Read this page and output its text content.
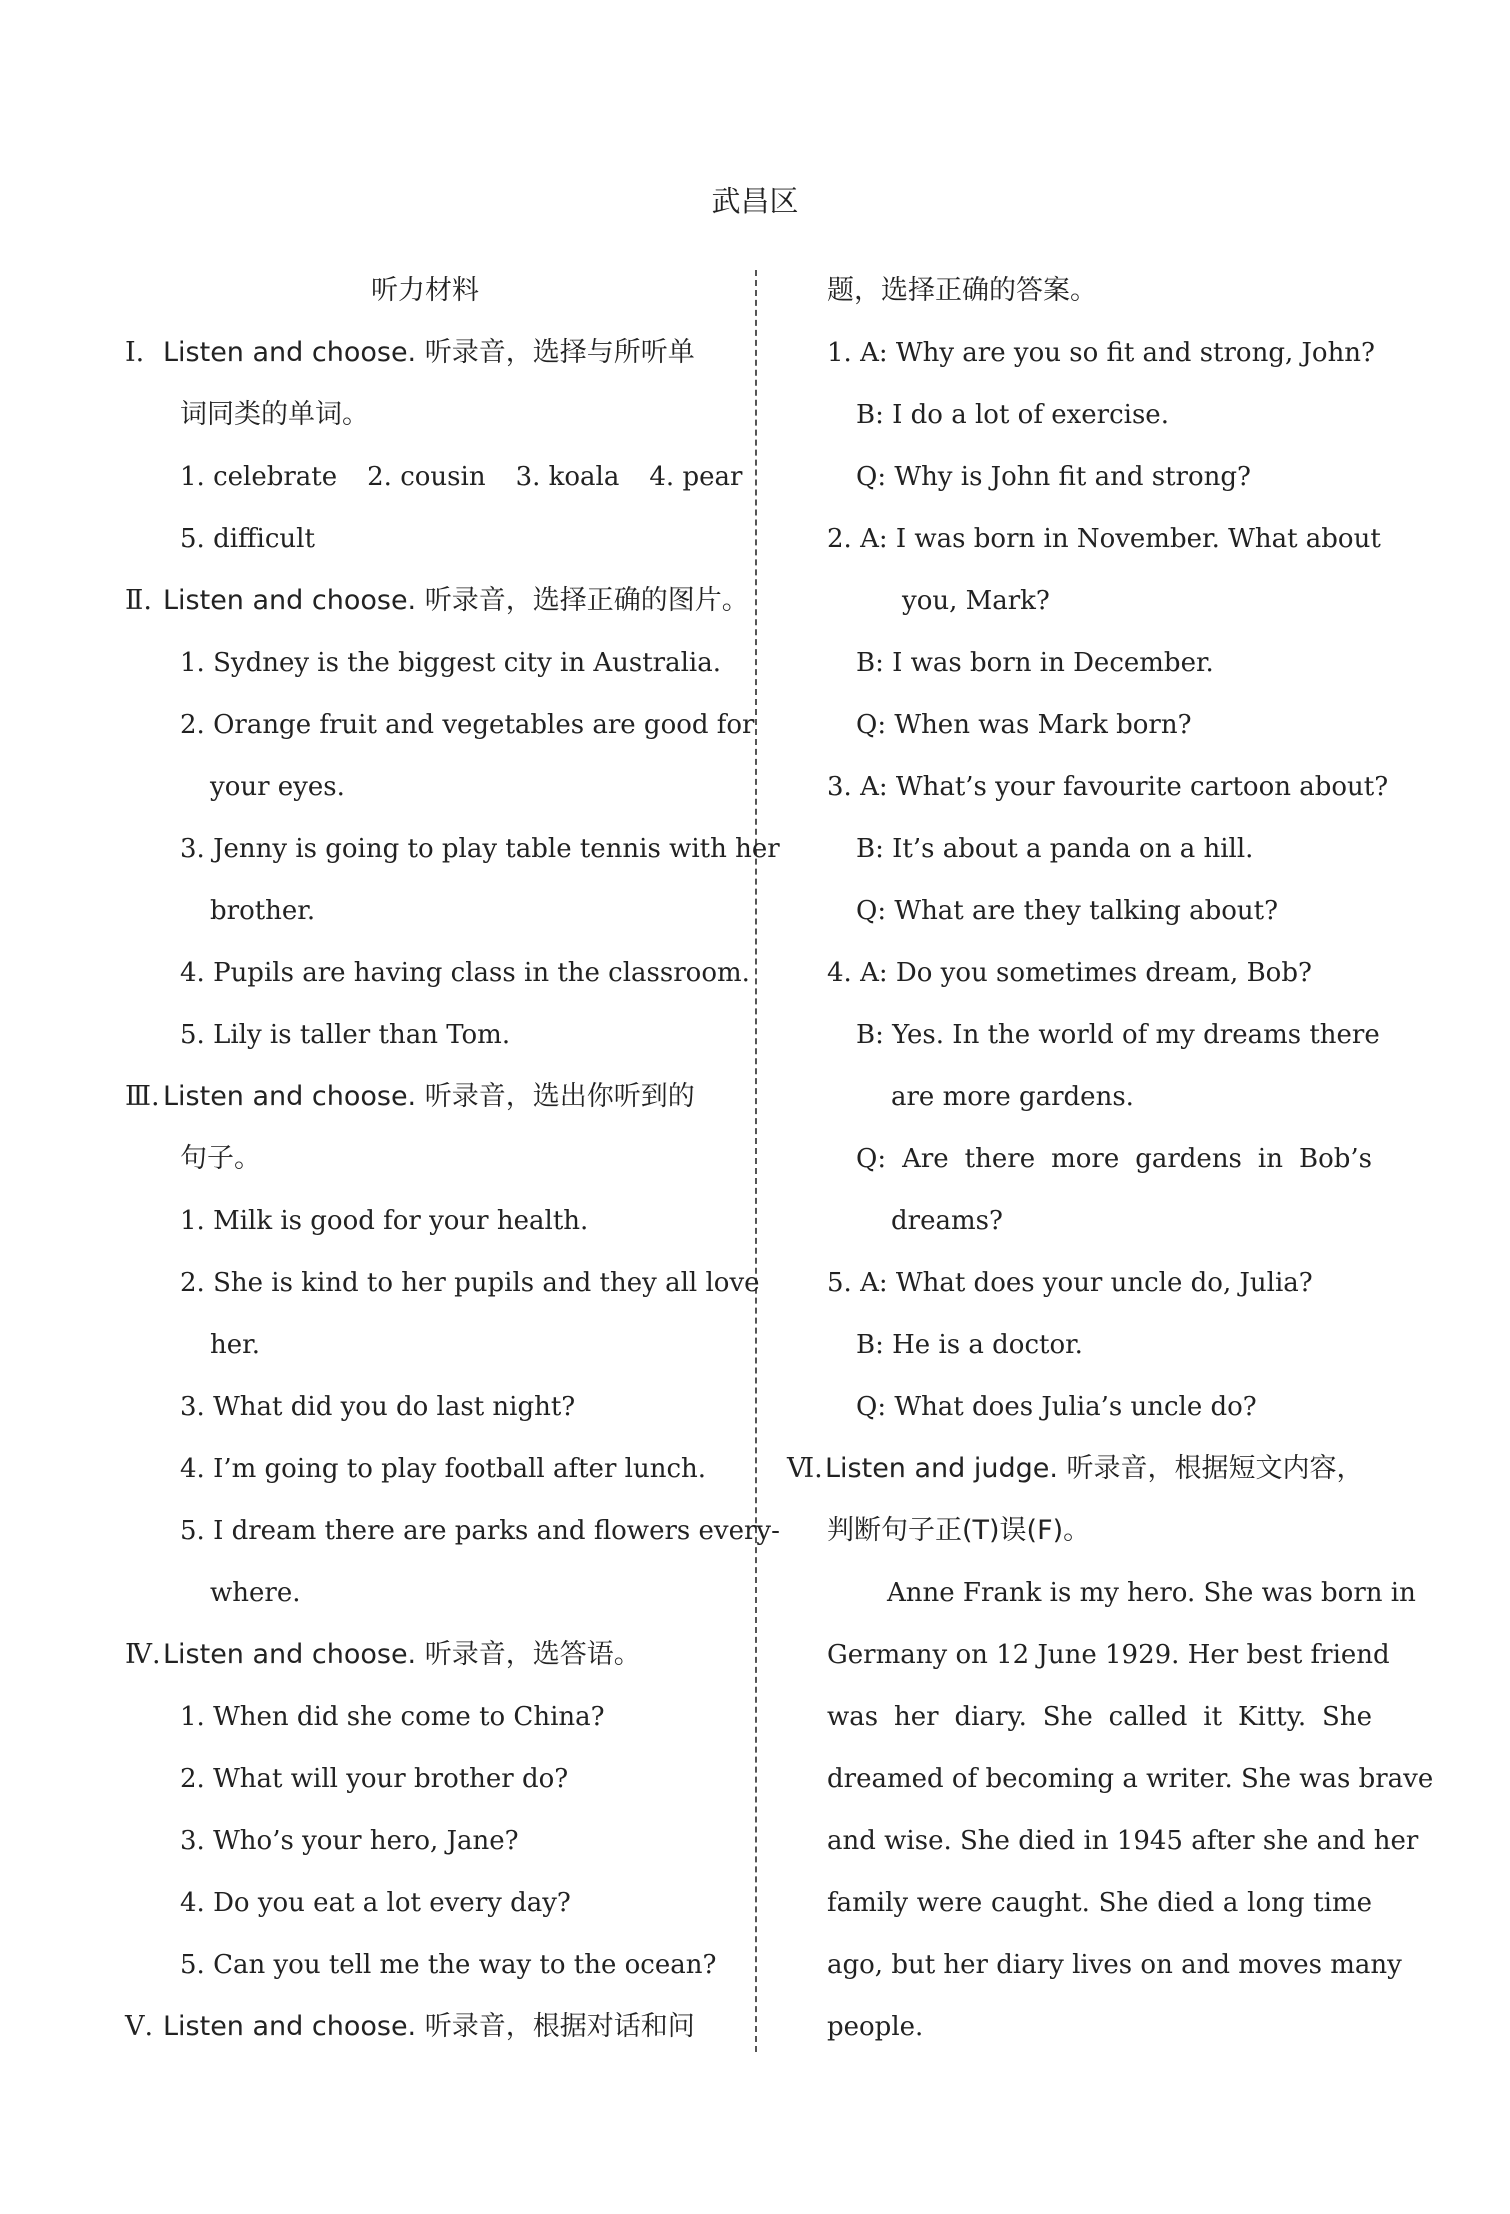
武昌区
听力材料
Ⅰ. Listen and choose. 听录音，选择与所听单
词同类的单词。
1. celebrate 2. cousin 3. koala 4. pear
5. difficult
Ⅱ. Listen and choose. 听录音，选择正确的图片。
1. Sydney is the biggest city in Australia.
2. Orange fruit and vegetables are good for
your eyes.
3. Jenny is going to play table tennis with her
brother.
4. Pupils are having class in the classroom.
5. Lily is taller than Tom.
Ⅲ. Listen and choose. 听录音，选出你听到的
句子。
1. Milk is good for your health.
2. She is kind to her pupils and they all love
her.
3. What did you do last night?
4. I’m going to play football after lunch.
5. I dream there are parks and flowers every-
where.
Ⅳ.Listen and choose. 听录音，选答语。
1. When did she come to China?
2. What will your brother do?
3. Who’s your hero, Jane?
4. Do you eat a lot every day?
5. Can you tell me the way to the ocean?
Ⅴ. Listen and choose. 听录音，根据对话和问
题，选择正确的答案。
1. A: Why are you so fit and strong, John?
B: I do a lot of exercise.
Q: Why is John fit and strong?
2. A: I was born in November. What about
you, Mark?
B: I was born in December.
Q: When was Mark born?
3. A: What’s your favourite cartoon about?
B: It’s about a panda on a hill.
Q: What are they talking about?
4. A: Do you sometimes dream, Bob?
B: Yes. In the world of my dreams there
are more gardens.
Q: Are there more gardens in Bob’s
dreams?
5. A: What does your uncle do, Julia?
B: He is a doctor.
Q: What does Julia’s uncle do?
Ⅵ.Listen and judge. 听录音，根据短文内容，
判断句子正(T)误(F)。
Anne Frank is my hero. She was born in
Germany on 12 June 1929. Her best friend
was her diary. She called it Kitty. She
dreamed of becoming a writer. She was brave
and wise. She died in 1945 after she and her
family were caught. She died a long time
ago, but her diary lives on and moves many
people.
